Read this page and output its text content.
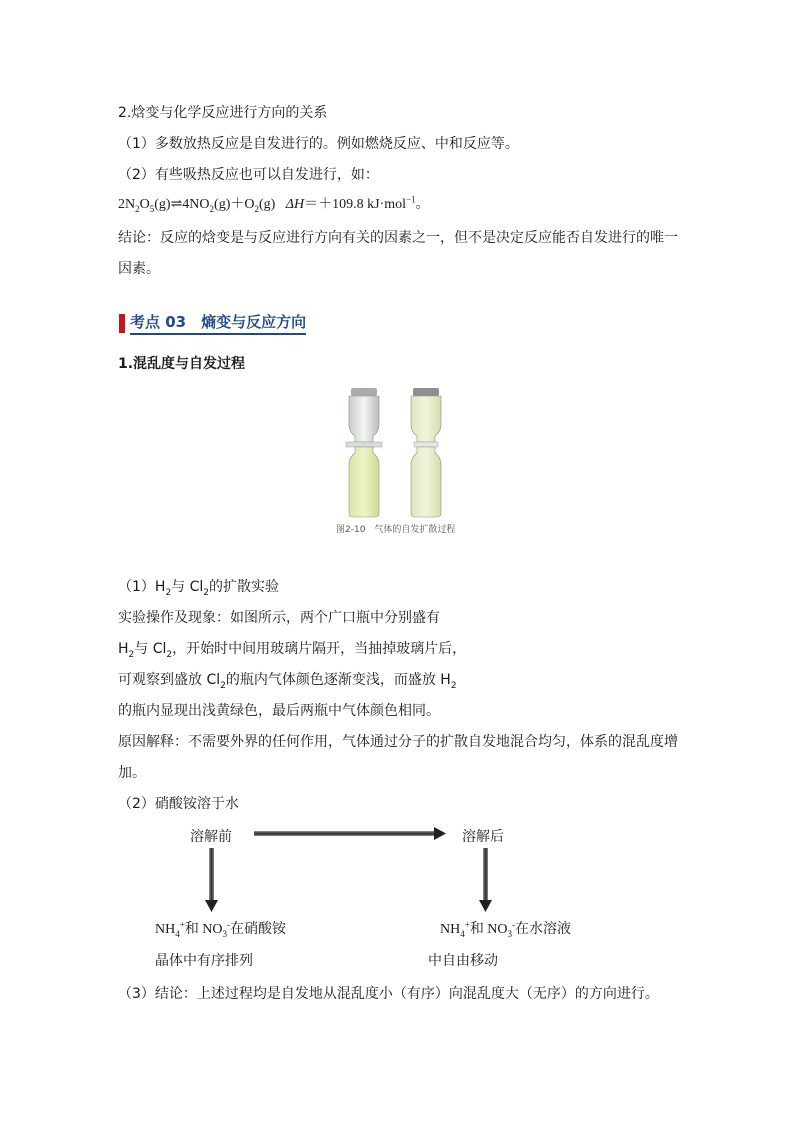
2.焓变与化学反应进行方向的关系
（1）多数放热反应是自发进行的。例如燃烧反应、中和反应等。
（2）有些吸热反应也可以自发进行，如：
$2N_2O_5(g)\rightleftharpoons 4NO_2(g)+O_2(g)$ ΔH＝＋109.8 kJ·mol$^{-1}$。
结论：反应的焓变是与反应进行方向有关的因素之一，但不是决定反应能否自发进行的唯一
因素。
考点 03　熵变与反应方向
1.混乱度与自发过程
图2-10　气体的自发扩散过程
$(1)H_2$与 $Cl_2$的扩散实验
实验操作及现象：如图所示，两个广口瓶中分别盛有
$H_2$与 $Cl_2$，开始时中间用玻璃片隔开，当抽掉玻璃片后，
可观察到盛放 $Cl_2$的瓶内气体颜色逐渐变浅，而盛放 $H_2$
的瓶内显现出浅黄绿色，最后两瓶中气体颜色相同。
原因解释：不需要外界的任何作用，气体通过分子的扩散自发地混合均匀，体系的混乱度增
加。
（2）硝酸铵溶于水
溶解前	溶解后
$NH_4^+$和 $NO_3^-$在硝酸铵
晶体中有序排列
$NH_4^+$和 $NO_3^-$在水溶液
中自由移动
（3）结论：上述过程均是自发地从混乱度小（有序）向混乱度大（无序）的方向进行。
